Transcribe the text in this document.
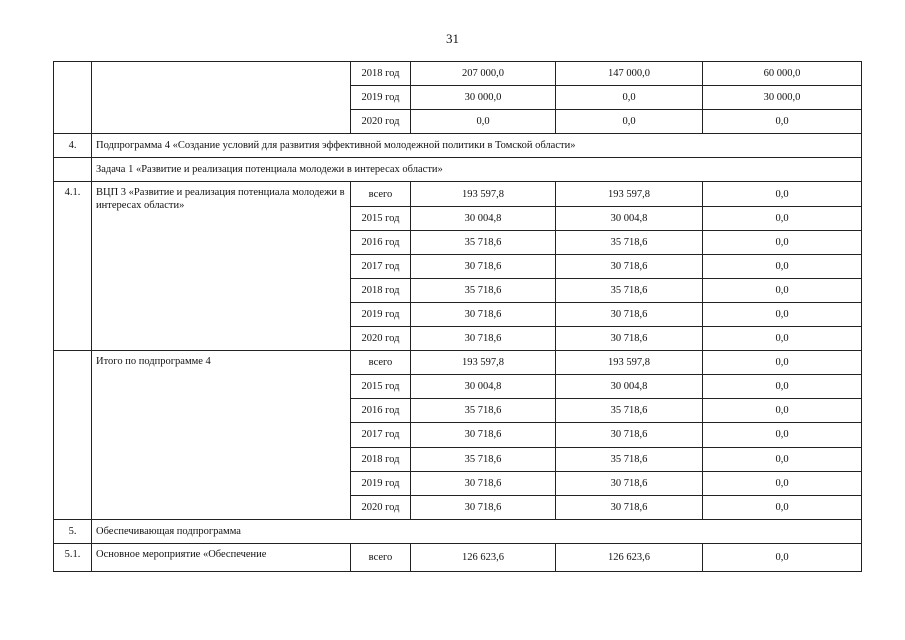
31
		2018 год	207 000,0	147 000,0	60 000,0
		2019 год	30 000,0	0,0	30 000,0
		2020 год	0,0	0,0	0,0
4.	Подпрограмма 4 «Создание условий для развития эффективной молодежной политики в Томской области»				
	Задача 1 «Развитие и реализация потенциала молодежи в интересах области»				
4.1.	ВЦП 3 «Развитие и реализация потенциала молодежи в интересах области»	всего	193 597,8	193 597,8	0,0
		2015 год	30 004,8	30 004,8	0,0
		2016 год	35 718,6	35 718,6	0,0
		2017 год	30 718,6	30 718,6	0,0
		2018 год	35 718,6	35 718,6	0,0
		2019 год	30 718,6	30 718,6	0,0
		2020 год	30 718,6	30 718,6	0,0
	Итого по подпрограмме 4	всего	193 597,8	193 597,8	0,0
		2015 год	30 004,8	30 004,8	0,0
		2016 год	35 718,6	35 718,6	0,0
		2017 год	30 718,6	30 718,6	0,0
		2018 год	35 718,6	35 718,6	0,0
		2019 год	30 718,6	30 718,6	0,0
		2020 год	30 718,6	30 718,6	0,0
5.	Обеспечивающая подпрограмма				
5.1.	Основное мероприятие «Обеспечение	всего	126 623,6	126 623,6	0,0
